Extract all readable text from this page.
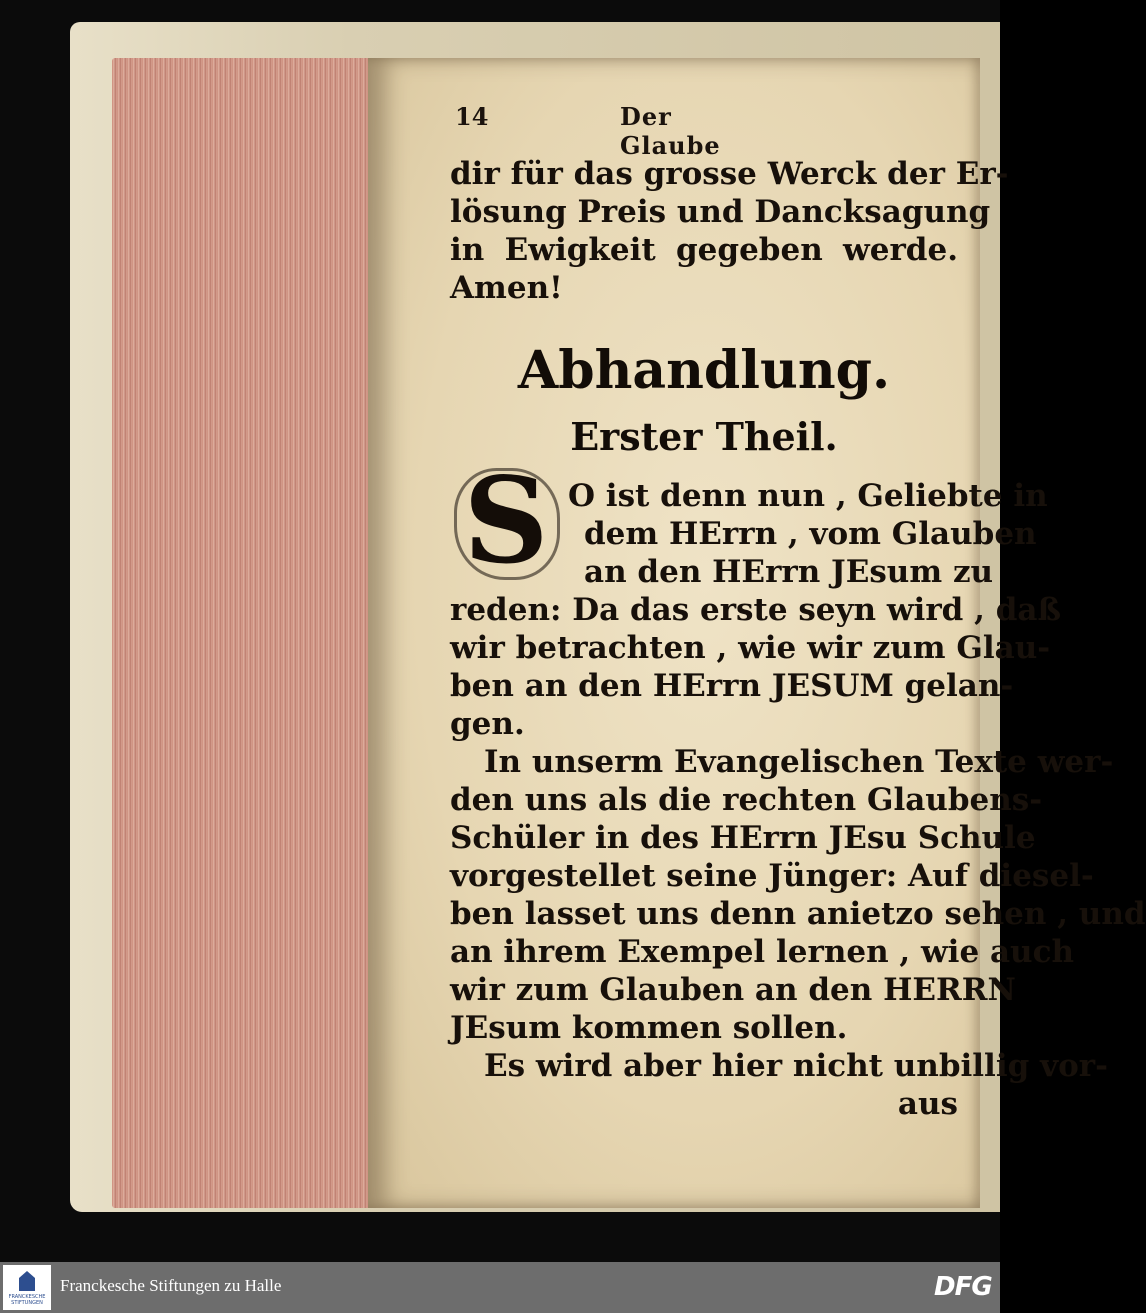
14	Der Glaube
dir für das grosse Werck der Er-
lösung Preis und Dancksagung
in Ewigkeit gegeben werde.
Amen!
Abhandlung.
Erster Theil.
S O ist denn nun , Geliebte in
dem HErrn , vom Glauben
an den HErrn JEsum zu
reden: Da das erste seyn wird , daß
wir betrachten , wie wir zum Glau-
ben an den HErrn JESUM gelan-
gen.
In unserm Evangelischen Texte wer-
den uns als die rechten Glaubens-
Schüler in des HErrn JEsu Schule
vorgestellet seine Jünger: Auf diesel-
ben lasset uns denn anietzo sehen , und
an ihrem Exempel lernen , wie auch
wir zum Glauben an den HERRN
JEsum kommen sollen.
Es wird aber hier nicht unbillig vor-
aus
FRANCKESCHE STIFTUNGEN
Franckesche Stiftungen zu Halle	DFG
